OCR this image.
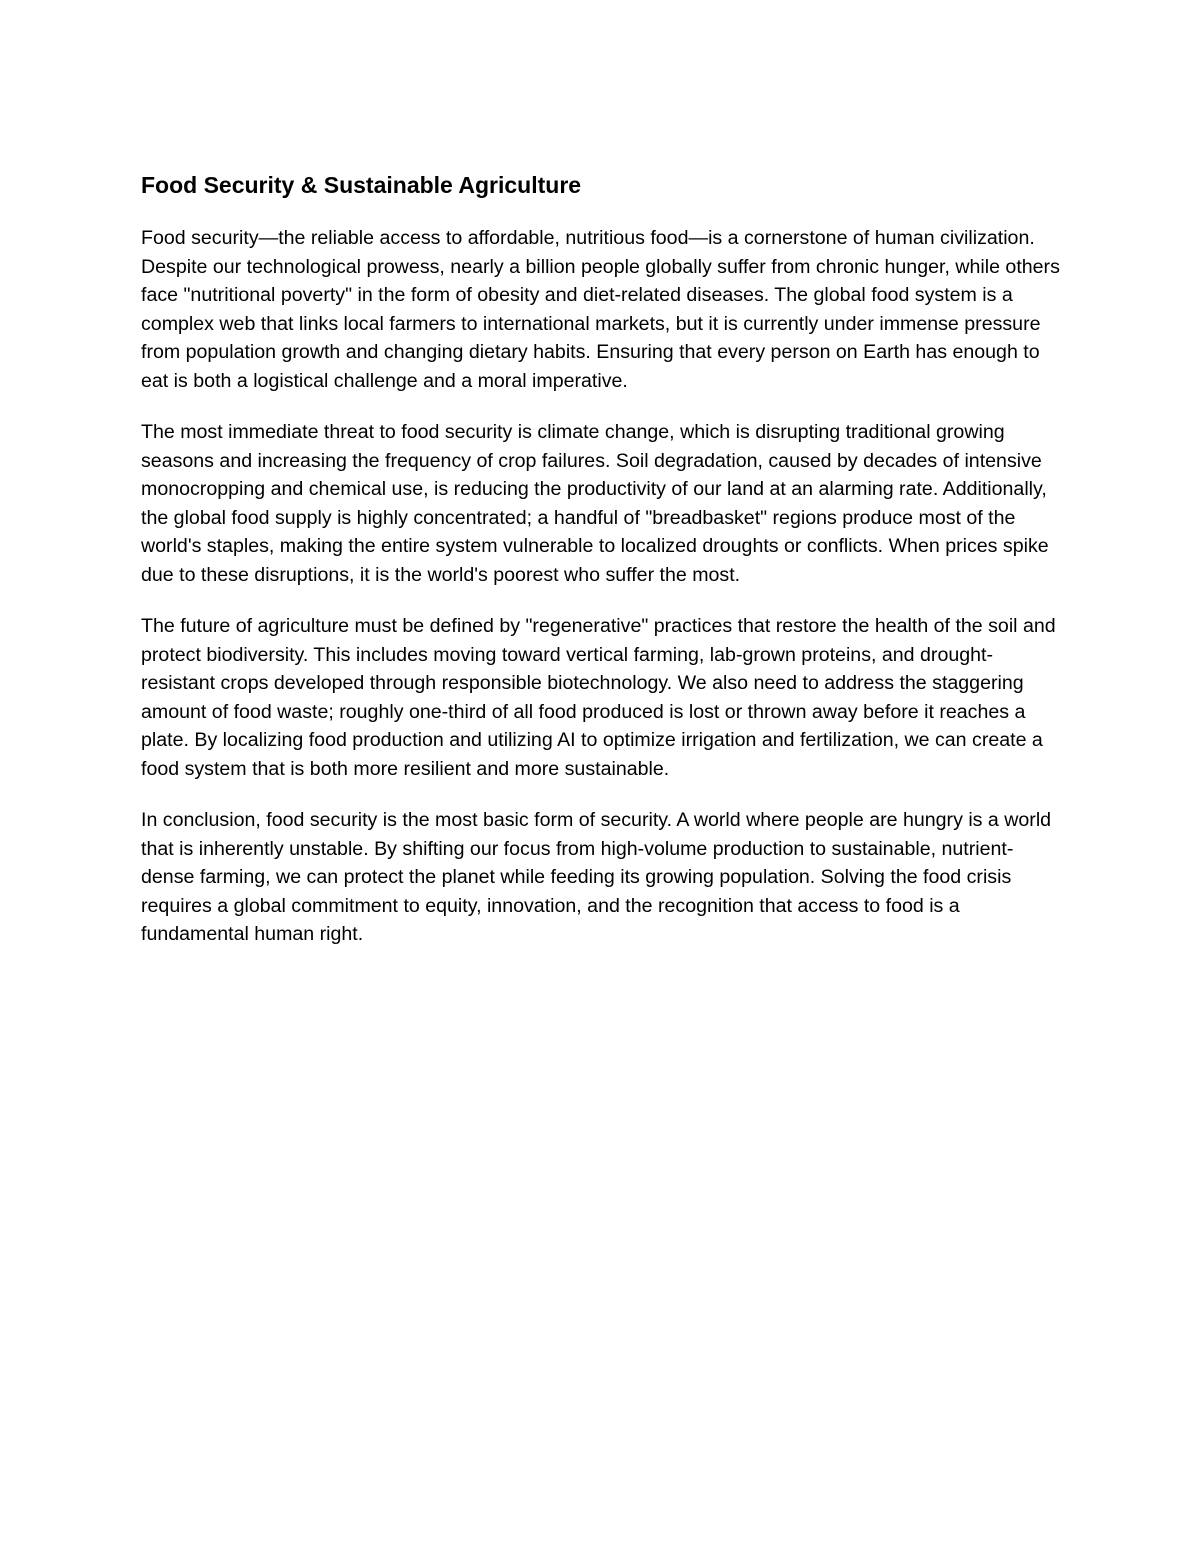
Food Security & Sustainable Agriculture

Food security—the reliable access to affordable, nutritious food—is a cornerstone of human civilization. Despite our technological prowess, nearly a billion people globally suffer from chronic hunger, while others face "nutritional poverty" in the form of obesity and diet-related diseases. The global food system is a complex web that links local farmers to international markets, but it is currently under immense pressure from population growth and changing dietary habits. Ensuring that every person on Earth has enough to eat is both a logistical challenge and a moral imperative.

The most immediate threat to food security is climate change, which is disrupting traditional growing seasons and increasing the frequency of crop failures. Soil degradation, caused by decades of intensive monocropping and chemical use, is reducing the productivity of our land at an alarming rate. Additionally, the global food supply is highly concentrated; a handful of "breadbasket" regions produce most of the world's staples, making the entire system vulnerable to localized droughts or conflicts. When prices spike due to these disruptions, it is the world's poorest who suffer the most.

The future of agriculture must be defined by "regenerative" practices that restore the health of the soil and protect biodiversity. This includes moving toward vertical farming, lab-grown proteins, and drought-resistant crops developed through responsible biotechnology. We also need to address the staggering amount of food waste; roughly one-third of all food produced is lost or thrown away before it reaches a plate. By localizing food production and utilizing AI to optimize irrigation and fertilization, we can create a food system that is both more resilient and more sustainable.

In conclusion, food security is the most basic form of security. A world where people are hungry is a world that is inherently unstable. By shifting our focus from high-volume production to sustainable, nutrient-dense farming, we can protect the planet while feeding its growing population. Solving the food crisis requires a global commitment to equity, innovation, and the recognition that access to food is a fundamental human right.
